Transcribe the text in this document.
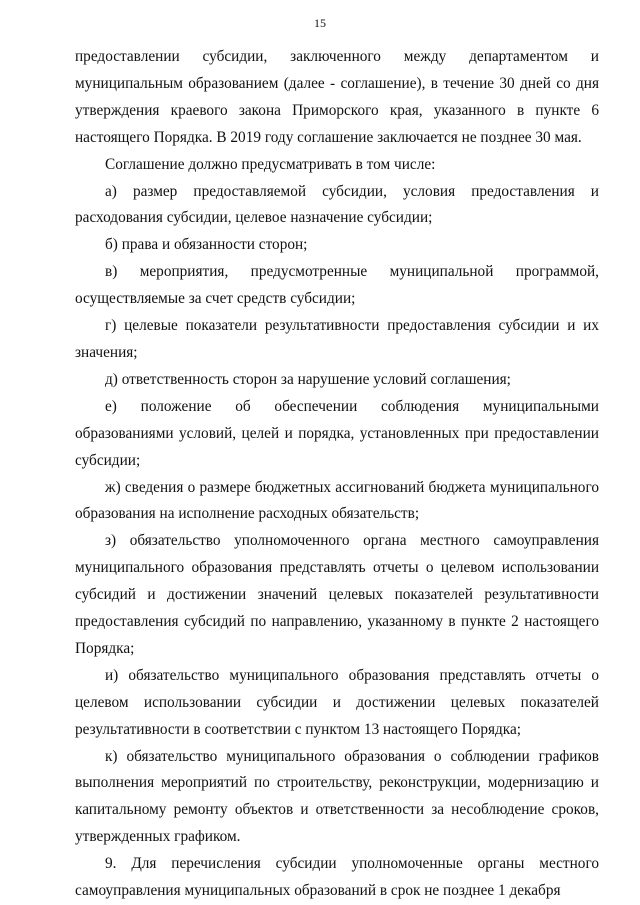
15

предоставлении субсидии, заключенного между департаментом и муниципальным образованием (далее - соглашение), в течение 30 дней со дня утверждения краевого закона Приморского края, указанного в пункте 6 настоящего Порядка. В 2019 году соглашение заключается не позднее 30 мая.

Соглашение должно предусматривать в том числе:

а) размер предоставляемой субсидии, условия предоставления и расходования субсидии, целевое назначение субсидии;

б) права и обязанности сторон;

в) мероприятия, предусмотренные муниципальной программой, осуществляемые за счет средств субсидии;

г) целевые показатели результативности предоставления субсидии и их значения;

д) ответственность сторон за нарушение условий соглашения;

е) положение об обеспечении соблюдения муниципальными образованиями условий, целей и порядка, установленных при предоставлении субсидии;

ж) сведения о размере бюджетных ассигнований бюджета муниципального образования на исполнение расходных обязательств;

з) обязательство уполномоченного органа местного самоуправления муниципального образования представлять отчеты о целевом использовании субсидий и достижении значений целевых показателей результативности предоставления субсидий по направлению, указанному в пункте 2 настоящего Порядка;

и) обязательство муниципального образования представлять отчеты о целевом использовании субсидии и достижении целевых показателей результативности в соответствии с пунктом 13 настоящего Порядка;

к) обязательство муниципального образования о соблюдении графиков выполнения мероприятий по строительству, реконструкции, модернизацию и капитальному ремонту объектов и ответственности за несоблюдение сроков, утвержденных графиком.

9. Для перечисления субсидии уполномоченные органы местного самоуправления муниципальных образований в срок не позднее 1 декабря
